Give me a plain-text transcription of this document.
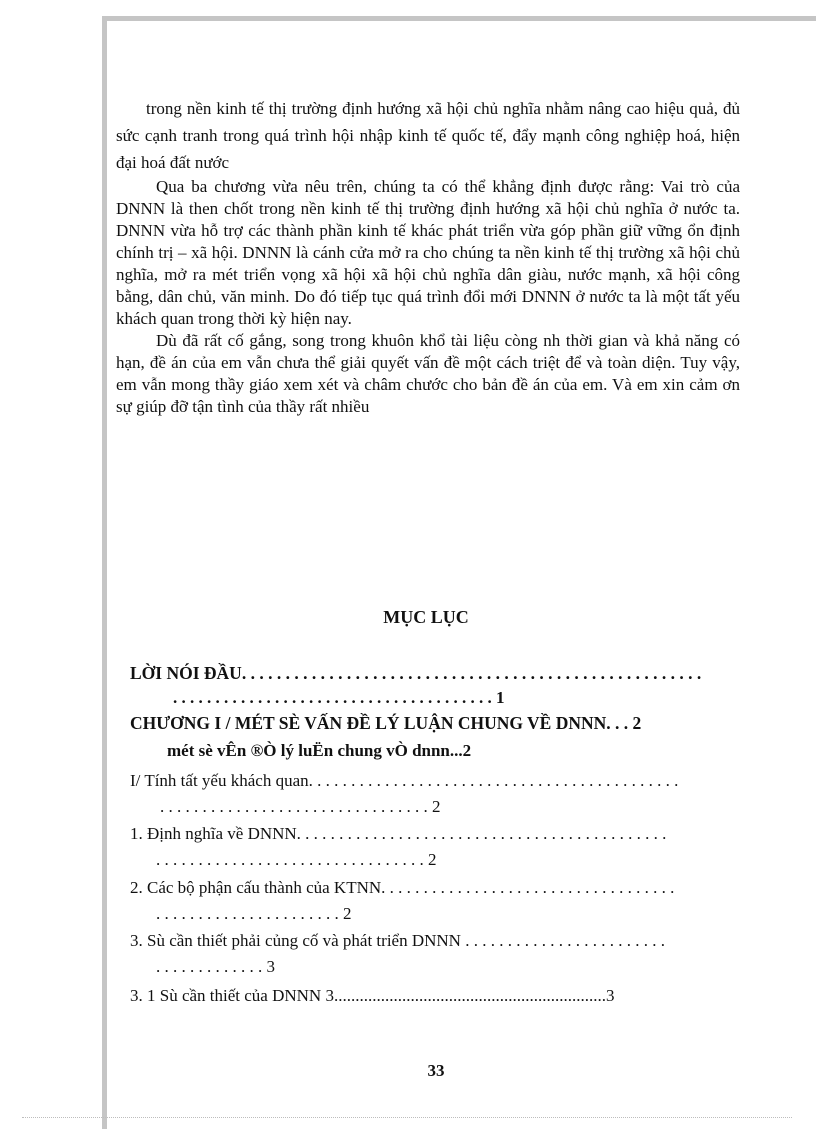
trong nền kinh tế thị trường định hướng xã hội chủ nghĩa nhằm nâng cao hiệu quả, đủ sức cạnh tranh trong quá trình hội nhập kinh tế quốc tế, đẩy mạnh công nghiệp hoá, hiện đại hoá đất nước

Qua ba chương vừa nêu trên, chúng ta có thể khẳng định được rằng: Vai trò của DNNN là then chốt trong nền kinh tế thị trường định hướng xã hội chủ nghĩa ở nước ta. DNNN vừa hỗ trợ các thành phần kinh tế khác phát triển vừa góp phần giữ vững ổn định chính trị – xã hội. DNNN là cánh cửa mở ra cho chúng ta nền kinh tế thị trường xã hội chủ nghĩa, mở ra mét triển vọng xã hội xã hội chủ nghĩa dân giàu, nước mạnh, xã hội công bằng, dân chủ, văn minh. Do đó tiếp tục quá trình đổi mới DNNN ở nước ta là một tất yếu khách quan trong thời kỳ hiện nay.

Dù đã rất cố gắng, song trong khuôn khổ tài liệu còng nh thời gian và khả năng có hạn, đề án của em vẫn chưa thể giải quyết vấn đề một cách triệt để và toàn diện. Tuy vậy, em vẫn mong thầy giáo xem xét và châm chước cho bản đề án của em. Và em xin cảm ơn sự giúp đỡ tận tình của thầy rất nhiều

MỤC LỤC
LỜI NÓI ĐẦU. . . . . . . . . . . . . . . . . . . . . . . . . . . . . . . . . . . . . . . . . . . . . . . . . . . . .
. . . . . . . . . . . . . . . . . . . . . . . . . . . . . . . . . . . . . . 1
CHƯƠNG I / MÉT SÈ VẤN ĐỀ LÝ LUẬN CHUNG VỀ DNNN. . . 2
mét sè vÊn ®Ò lý luËn chung vÒ dnnn...2
I/ Tính tất yếu khách quan. . . . . . . . . . . . . . . . . . . . . . . . . . . . . . . . . . . . . . . . . . . .
. . . . . . . . . . . . . . . . . . . . . . . . . . . . . . . . 2
1. Định nghĩa về DNNN. . . . . . . . . . . . . . . . . . . . . . . . . . . . . . . . . . . . . . . . . . . .
. . . . . . . . . . . . . . . . . . . . . . . . . . . . . . . . 2
2. Các bộ phận cấu thành của KTNN. . . . . . . . . . . . . . . . . . . . . . . . . . . . . . . . . . .
. . . . . . . . . . . . . . . . . . . . . . 2
3. Sù cần thiết phải củng cố và phát triển DNNN . . . . . . . . . . . . . . . . . . . . . . . .
. . . . . . . . . . . . . 3
3. 1 Sù cần thiết của DNNN 3................................................................3
33
